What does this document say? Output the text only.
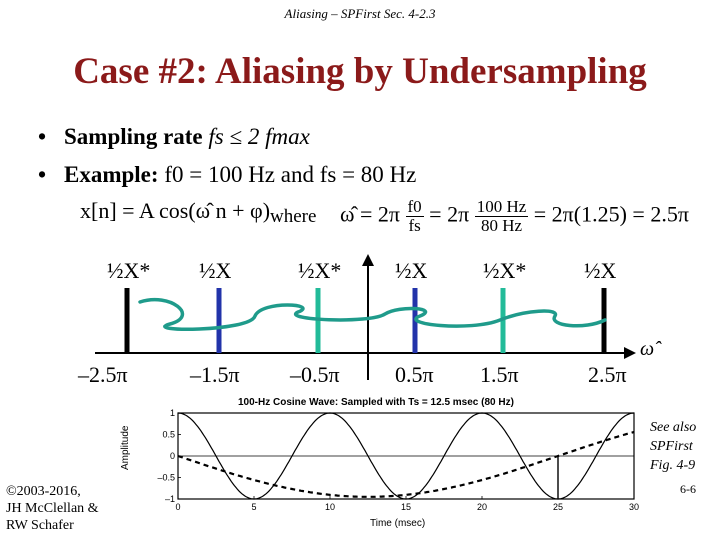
Aliasing – SPFirst Sec. 4-2.3
Case #2: Aliasing by Undersampling
• Sampling rate fs ≤ 2 fmax
• Example: f0 = 100 Hz and fs = 80 Hz
x[n] = A cos(ω̂ n + φ) where ω̂ = $2\pi \frac{f0}{fs} = 2\pi \frac{100 Hz}{80 Hz} = 2\pi(1.25) = 2.5\pi$
½X* ½X	½X* ½X	½X*	½X
–2.5π	–1.5π –0.5π	0.5π 1.5π	2.5π
ω̂
100-Hz Cosine Wave: Sampled with Ts = 12.5 msec (80 Hz)
Amplitude
Time (msec)
0	5	10	15	20	25	30
1
0.5
0
–0.5
–1
©2003-2016,
JH McClellan &
RW Schafer
See also
SPFirst
Fig. 4-9
6-6
